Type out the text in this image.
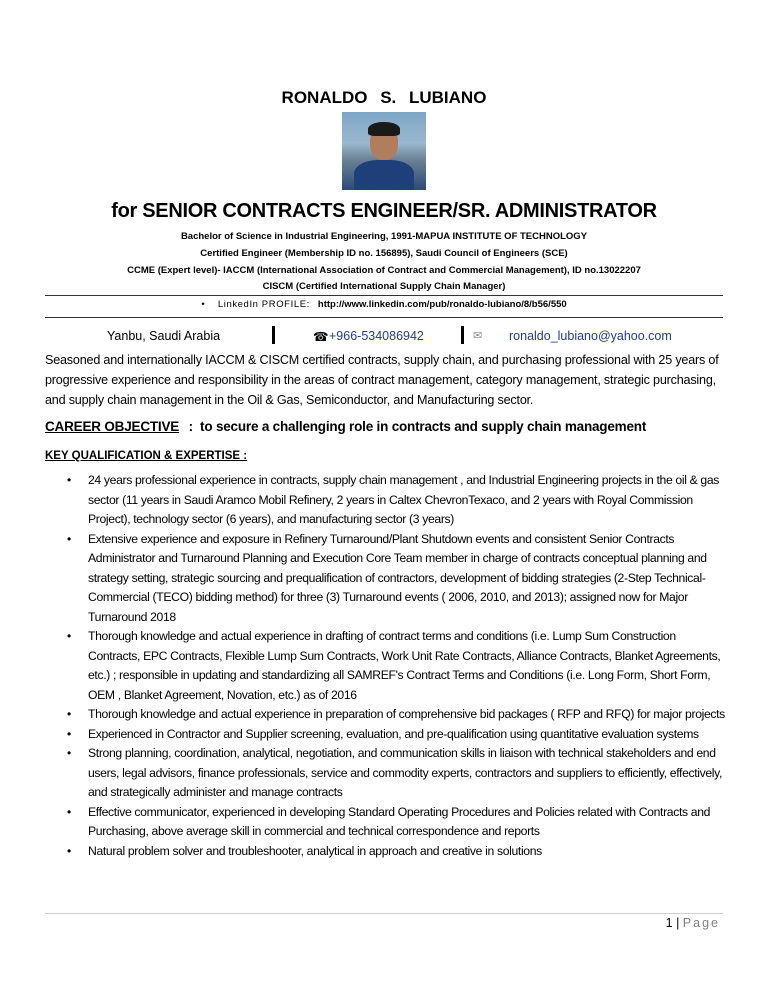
RONALDO S. LUBIANO
for SENIOR CONTRACTS ENGINEER/SR. ADMINISTRATOR
Bachelor of Science in Industrial Engineering, 1991-MAPUA INSTITUTE OF TECHNOLOGY
Certified Engineer (Membership ID no. 156895), Saudi Council of Engineers (SCE)
CCME (Expert level)- IACCM (International Association of Contract and Commercial Management), ID no.13022207
CISCM (Certified International Supply Chain Manager)
•     LinkedIn PROFILE: http://www.linkedin.com/pub/ronaldo-lubiano/8/b56/550
Yanbu, Saudi Arabia	☎ +966-534086942	✉ ronaldo_lubiano@yahoo.com
Seasoned and internationally IACCM & CISCM certified contracts, supply chain, and purchasing professional with 25 years of progressive experience and responsibility in the areas of contract management, category management, strategic purchasing, and supply chain management in the Oil & Gas, Semiconductor, and Manufacturing sector.
CAREER OBJECTIVE : to secure a challenging role in contracts and supply chain management
KEY QUALIFICATION & EXPERTISE :
• 24 years professional experience in contracts, supply chain management , and Industrial Engineering projects in the oil & gas sector (11 years in Saudi Aramco Mobil Refinery, 2 years in Caltex ChevronTexaco, and 2 years with Royal Commission Project), technology sector (6 years), and manufacturing sector (3 years)
• Extensive experience and exposure in Refinery Turnaround/Plant Shutdown events and consistent Senior Contracts Administrator and Turnaround Planning and Execution Core Team member in charge of contracts conceptual planning and strategy setting, strategic sourcing and prequalification of contractors, development of bidding strategies (2-Step Technical-Commercial (TECO) bidding method) for three (3) Turnaround events ( 2006, 2010, and 2013); assigned now for Major Turnaround 2018
• Thorough knowledge and actual experience in drafting of contract terms and conditions (i.e. Lump Sum Construction Contracts, EPC Contracts, Flexible Lump Sum Contracts, Work Unit Rate Contracts, Alliance Contracts, Blanket Agreements, etc.) ; responsible in updating and standardizing all SAMREF's Contract Terms and Conditions (i.e. Long Form, Short Form, OEM , Blanket Agreement, Novation, etc.) as of 2016
• Thorough knowledge and actual experience in preparation of comprehensive bid packages ( RFP and RFQ) for major projects
• Experienced in Contractor and Supplier screening, evaluation, and pre-qualification using quantitative evaluation systems
• Strong planning, coordination, analytical, negotiation, and communication skills in liaison with technical stakeholders and end users, legal advisors, finance professionals, service and commodity experts, contractors and suppliers to efficiently, effectively, and strategically administer and manage contracts
• Effective communicator, experienced in developing Standard Operating Procedures and Policies related with Contracts and Purchasing, above average skill in commercial and technical correspondence and reports
• Natural problem solver and troubleshooter, analytical in approach and creative in solutions
1 | Page
